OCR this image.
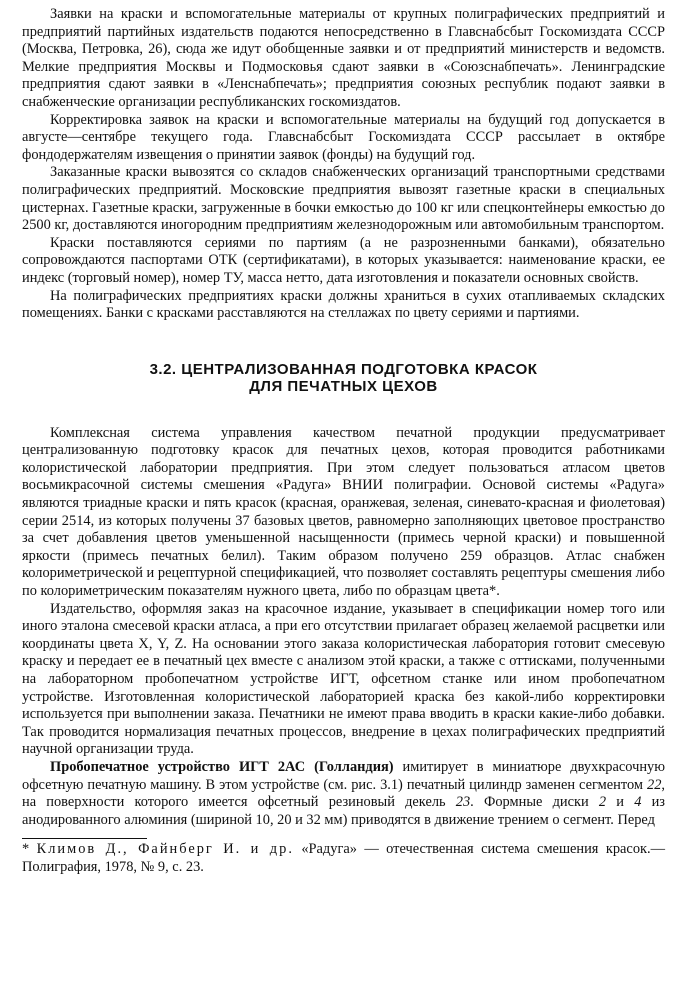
Заявки на краски и вспомогательные материалы от крупных полиграфических предприятий и предприятий партийных издательств подаются непосредственно в Главснабсбыт Госкомиздата СССР (Москва, Петровка, 26), сюда же идут обобщенные заявки и от предприятий министерств и ведомств. Мелкие предприятия Москвы и Подмосковья сдают заявки в «Союзснабпечать». Ленинградские предприятия сдают заявки в «Ленснабпечать»; предприятия союзных республик подают заявки в снабженческие организации республиканских госкомиздатов.

Корректировка заявок на краски и вспомогательные материалы на будущий год допускается в августе—сентябре текущего года. Главснабсбыт Госкомиздата СССР рассылает в октябре фондодержателям извещения о принятии заявок (фонды) на будущий год.

Заказанные краски вывозятся со складов снабженческих организаций транспортными средствами полиграфических предприятий. Московские предприятия вывозят газетные краски в специальных цистернах. Газетные краски, загруженные в бочки емкостью до 100 кг или спецконтейнеры емкостью до 2500 кг, доставляются иногородним предприятиям железнодорожным или автомобильным транспортом.

Краски поставляются сериями по партиям (а не разрозненными банками), обязательно сопровождаются паспортами ОТК (сертификатами), в которых указывается: наименование краски, ее индекс (торговый номер), номер ТУ, масса нетто, дата изготовления и показатели основных свойств.

На полиграфических предприятиях краски должны храниться в сухих отапливаемых складских помещениях. Банки с красками расставляются на стеллажах по цвету сериями и партиями.

3.2. ЦЕНТРАЛИЗОВАННАЯ ПОДГОТОВКА КРАСОК
ДЛЯ ПЕЧАТНЫХ ЦЕХОВ

Комплексная система управления качеством печатной продукции предусматривает централизованную подготовку красок для печатных цехов, которая проводится работниками колористической лаборатории предприятия. При этом следует пользоваться атласом цветов восьмикрасочной системы смешения «Радуга» ВНИИ полиграфии. Основой системы «Радуга» являются триадные краски и пять красок (красная, оранжевая, зеленая, синевато-красная и фиолетовая) серии 2514, из которых получены 37 базовых цветов, равномерно заполняющих цветовое пространство за счет добавления цветов уменьшенной насыщенности (примесь черной краски) и повышенной яркости (примесь печатных белил). Таким образом получено 259 образцов. Атлас снабжен колориметрической и рецептурной спецификацией, что позволяет составлять рецептуры смешения либо по колориметрическим показателям нужного цвета, либо по образцам цвета*.

Издательство, оформляя заказ на красочное издание, указывает в спецификации номер того или иного эталона смесевой краски атласа, а при его отсутствии прилагает образец желаемой расцветки или координаты цвета X, Y, Z. На основании этого заказа колористическая лаборатория готовит смесевую краску и передает ее в печатный цех вместе с анализом этой краски, а также с оттисками, полученными на лабораторном пробопечатном устройстве ИГТ, офсетном станке или ином пробопечатном устройстве. Изготовленная колористической лабораторией краска без какой-либо корректировки используется при выполнении заказа. Печатники не имеют права вводить в краски какие-либо добавки. Так проводится нормализация печатных процессов, внедрение в цехах полиграфических предприятий научной организации труда.

Пробопечатное устройство ИГТ 2АС (Голландия) имитирует в миниатюре двухкрасочную офсетную печатную машину. В этом устройстве (см. рис. 3.1) печатный цилиндр заменен сегментом 22, на поверхности которого имеется офсетный резиновый декель 23. Формные диски 2 и 4 из анодированного алюминия (шириной 10, 20 и 32 мм) приводятся в движение трением о сегмент. Перед

* Климов Д., Файнберг И. и др. «Радуга» — отечественная система смешения красок.— Полиграфия, 1978, № 9, с. 23.
